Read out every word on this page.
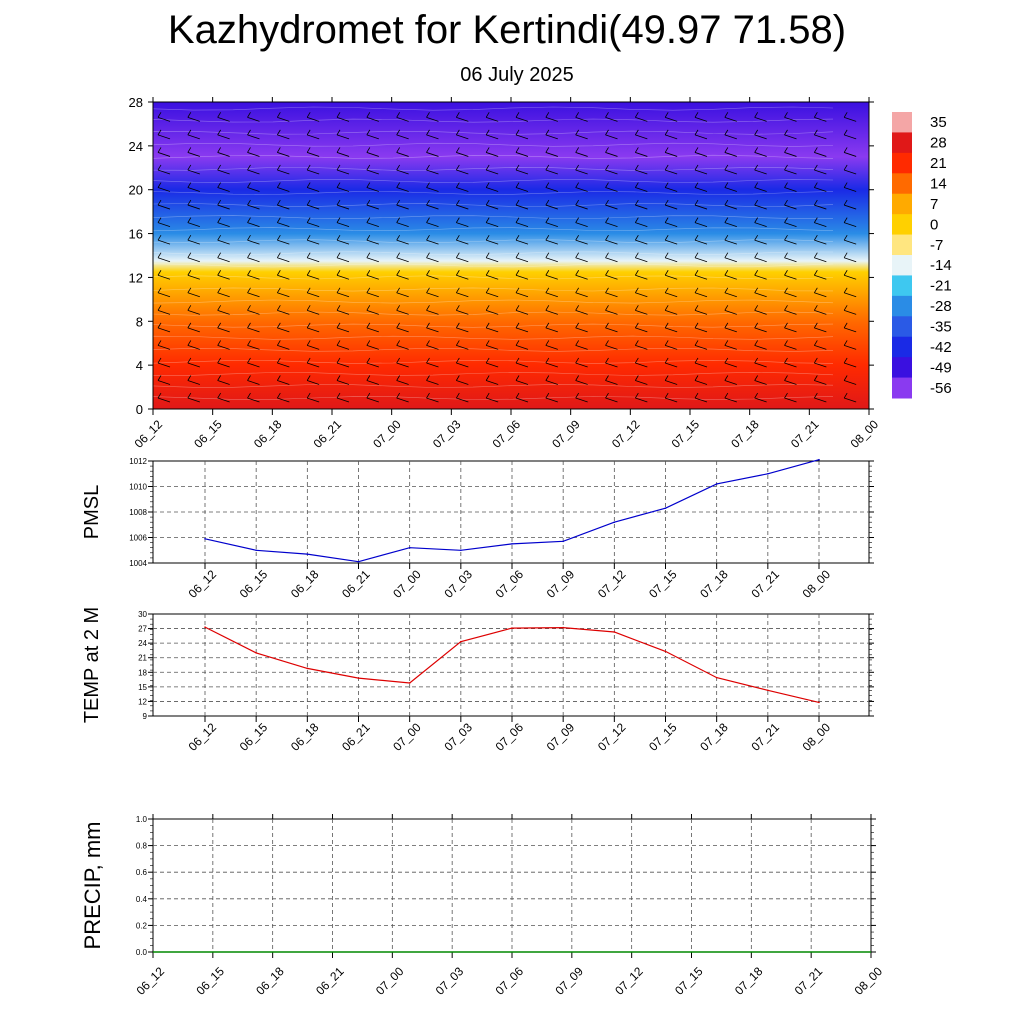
Kazhydromet for Kertindi(49.97 71.58)
06 July 2025
0
4
8
12
16
20
24
28
06_12 06_15 06_18 06_21 07_00 07_03 07_06 07_09 07_12 07_15 07_18 07_21 08_00
35
28
21
14
7
0
-7
-14
-21
-28
-35
-42
-49
-56
1004
1006
1008
1010
1012
06_12 06_15 06_18 06_21 07_00 07_03 07_06 07_09 07_12 07_15 07_18 07_21 08_00
PMSL
9
12
15
18
21
24
27
30
06_12 06_15 06_18 06_21 07_00 07_03 07_06 07_09 07_12 07_15 07_18 07_21 08_00
TEMP at 2 M
0.0
0.2
0.4
0.6
0.8
1.0
06_12 06_15 06_18 06_21 07_00 07_03 07_06 07_09 07_12 07_15 07_18 07_21 08_00
PRECIP, mm
